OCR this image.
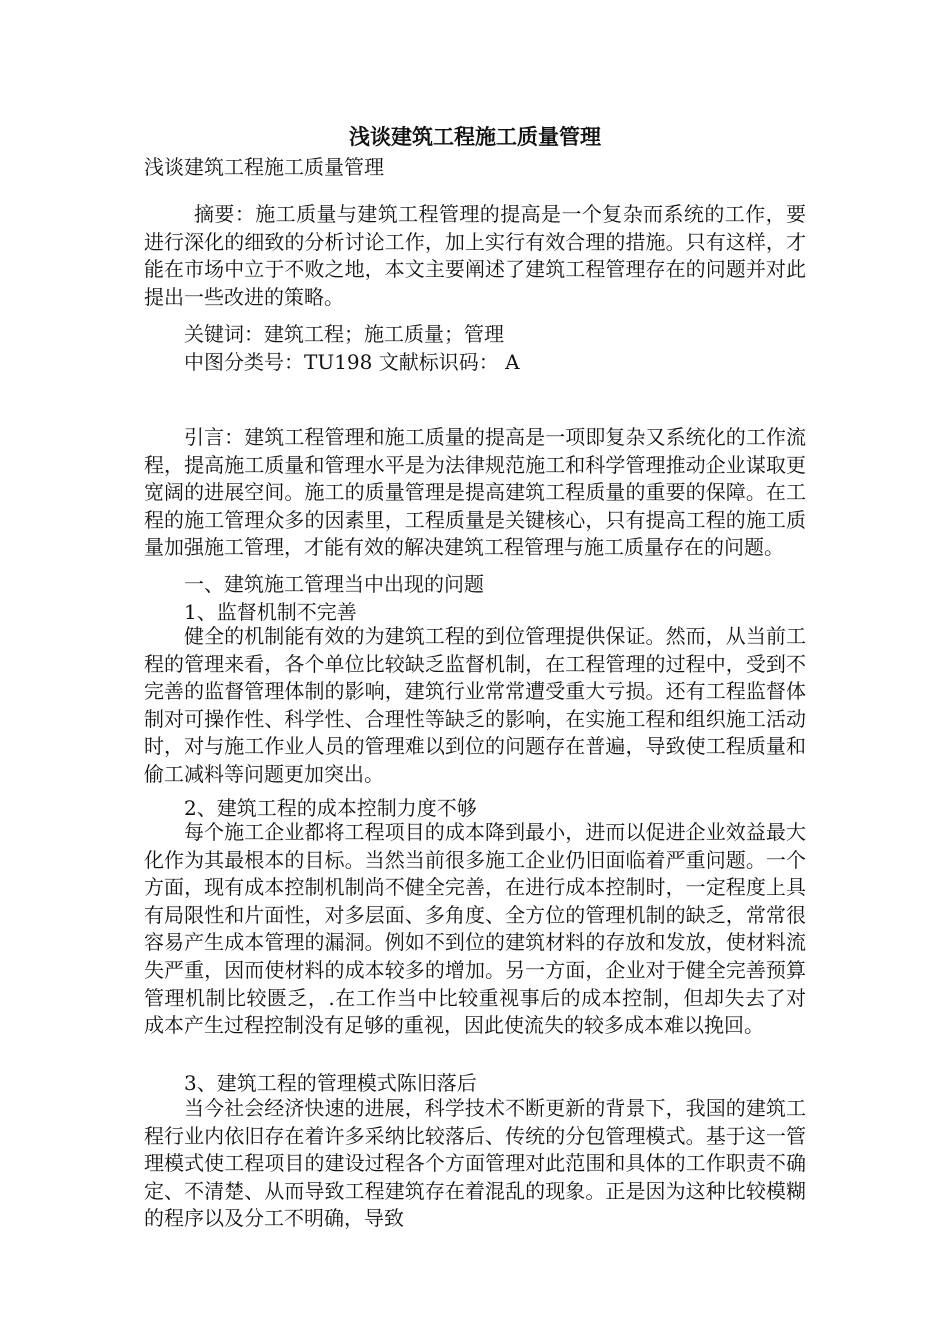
浅谈建筑工程施工质量管理
浅谈建筑工程施工质量管理
摘要：施工质量与建筑工程管理的提高是一个复杂而系统的工作，要进行深化的细致的分析讨论工作，加上实行有效合理的措施。只有这样，才能在市场中立于不败之地，本文主要阐述了建筑工程管理存在的问题并对此提出一些改进的策略。
关键词：建筑工程；施工质量；管理
中图分类号：TU198 文献标识码： A
引言：建筑工程管理和施工质量的提高是一项即复杂又系统化的工作流程，提高施工质量和管理水平是为法律规范施工和科学管理推动企业谋取更宽阔的进展空间。施工的质量管理是提高建筑工程质量的重要的保障。在工程的施工管理众多的因素里，工程质量是关键核心，只有提高工程的施工质量加强施工管理，才能有效的解决建筑工程管理与施工质量存在的问题。
一、建筑施工管理当中出现的问题
1、监督机制不完善
健全的机制能有效的为建筑工程的到位管理提供保证。然而，从当前工程的管理来看，各个单位比较缺乏监督机制，在工程管理的过程中，受到不完善的监督管理体制的影响，建筑行业常常遭受重大亏损。还有工程监督体制对可操作性、科学性、合理性等缺乏的影响，在实施工程和组织施工活动时，对与施工作业人员的管理难以到位的问题存在普遍，导致使工程质量和偷工减料等问题更加突出。
2、建筑工程的成本控制力度不够
每个施工企业都将工程项目的成本降到最小，进而以促进企业效益最大化作为其最根本的目标。当然当前很多施工企业仍旧面临着严重问题。一个方面，现有成本控制机制尚不健全完善，在进行成本控制时，一定程度上具有局限性和片面性，对多层面、多角度、全方位的管理机制的缺乏，常常很容易产生成本管理的漏洞。例如不到位的建筑材料的存放和发放，使材料流失严重，因而使材料的成本较多的增加。另一方面，企业对于健全完善预算管理机制比较匮乏，.在工作当中比较重视事后的成本控制，但却失去了对成本产生过程控制没有足够的重视，因此使流失的较多成本难以挽回。
3、建筑工程的管理模式陈旧落后
当今社会经济快速的进展，科学技术不断更新的背景下，我国的建筑工程行业内依旧存在着许多采纳比较落后、传统的分包管理模式。基于这一管理模式使工程项目的建设过程各个方面管理对此范围和具体的工作职责不确定、不清楚、从而导致工程建筑存在着混乱的现象。正是因为这种比较模糊的程序以及分工不明确，导致
